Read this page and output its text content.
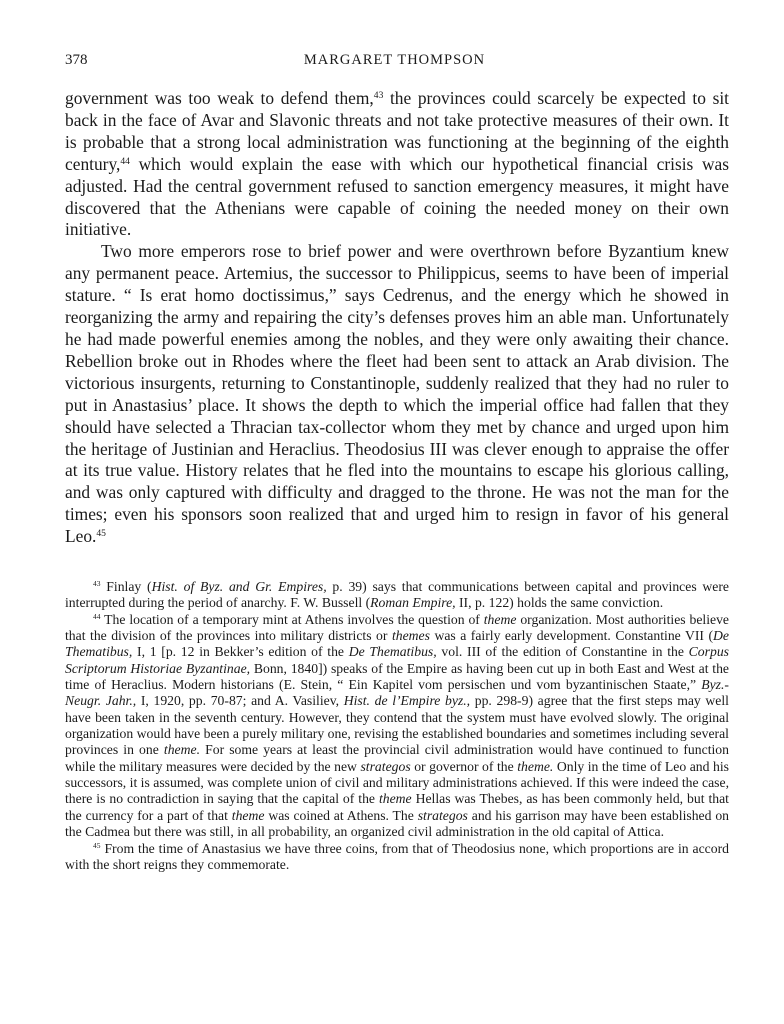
378	MARGARET THOMPSON

government was too weak to defend them,$^{43}$ the provinces could scarcely be expected to sit back in the face of Avar and Slavonic threats and not take protective measures of their own. It is probable that a strong local administration was functioning at the beginning of the eighth century,$^{44}$ which would explain the ease with which our hypothetical financial crisis was adjusted. Had the central government refused to sanction emergency measures, it might have discovered that the Athenians were capable of coining the needed money on their own initiative.

Two more emperors rose to brief power and were overthrown before Byzantium knew any permanent peace. Artemius, the successor to Philippicus, seems to have been of imperial stature. “ Is erat homo doctissimus,” says Cedrenus, and the energy which he showed in reorganizing the army and repairing the city’s defenses proves him an able man. Unfortunately he had made powerful enemies among the nobles, and they were only awaiting their chance. Rebellion broke out in Rhodes where the fleet had been sent to attack an Arab division. The victorious insurgents, returning to Constantinople, suddenly realized that they had no ruler to put in Anastasius’ place. It shows the depth to which the imperial office had fallen that they should have selected a Thracian tax-collector whom they met by chance and urged upon him the heritage of Justinian and Heraclius. Theodosius III was clever enough to appraise the offer at its true value. History relates that he fled into the mountains to escape his glorious calling, and was only captured with difficulty and dragged to the throne. He was not the man for the times; even his sponsors soon realized that and urged him to resign in favor of his general Leo.$^{45}$

$^{43}$ Finlay (Hist. of Byz. and Gr. Empires, p. 39) says that communications between capital and provinces were interrupted during the period of anarchy. F. W. Bussell (Roman Empire, II, p. 122) holds the same conviction.

$^{44}$ The location of a temporary mint at Athens involves the question of theme organization. Most authorities believe that the division of the provinces into military districts or themes was a fairly early development. Constantine VII (De Thematibus, I, 1 [p. 12 in Bekker’s edition of the De Thematibus, vol. III of the edition of Constantine in the Corpus Scriptorum Historiae Byzantinae, Bonn, 1840]) speaks of the Empire as having been cut up in both East and West at the time of Heraclius. Modern historians (E. Stein, “ Ein Kapitel vom persischen und vom byzantinischen Staate,” Byz.-Neugr. Jahr., I, 1920, pp. 70-87; and A. Vasiliev, Hist. de l’Empire byz., pp. 298-9) agree that the first steps may well have been taken in the seventh century. However, they contend that the system must have evolved slowly. The original organization would have been a purely military one, revising the established boundaries and sometimes including several provinces in one theme. For some years at least the provincial civil administration would have continued to function while the military measures were decided by the new strategos or governor of the theme. Only in the time of Leo and his successors, it is assumed, was complete union of civil and military administrations achieved. If this were indeed the case, there is no contradiction in saying that the capital of the theme Hellas was Thebes, as has been commonly held, but that the currency for a part of that theme was coined at Athens. The strategos and his garrison may have been established on the Cadmea but there was still, in all probability, an organized civil administration in the old capital of Attica.

$^{45}$ From the time of Anastasius we have three coins, from that of Theodosius none, which proportions are in accord with the short reigns they commemorate.
